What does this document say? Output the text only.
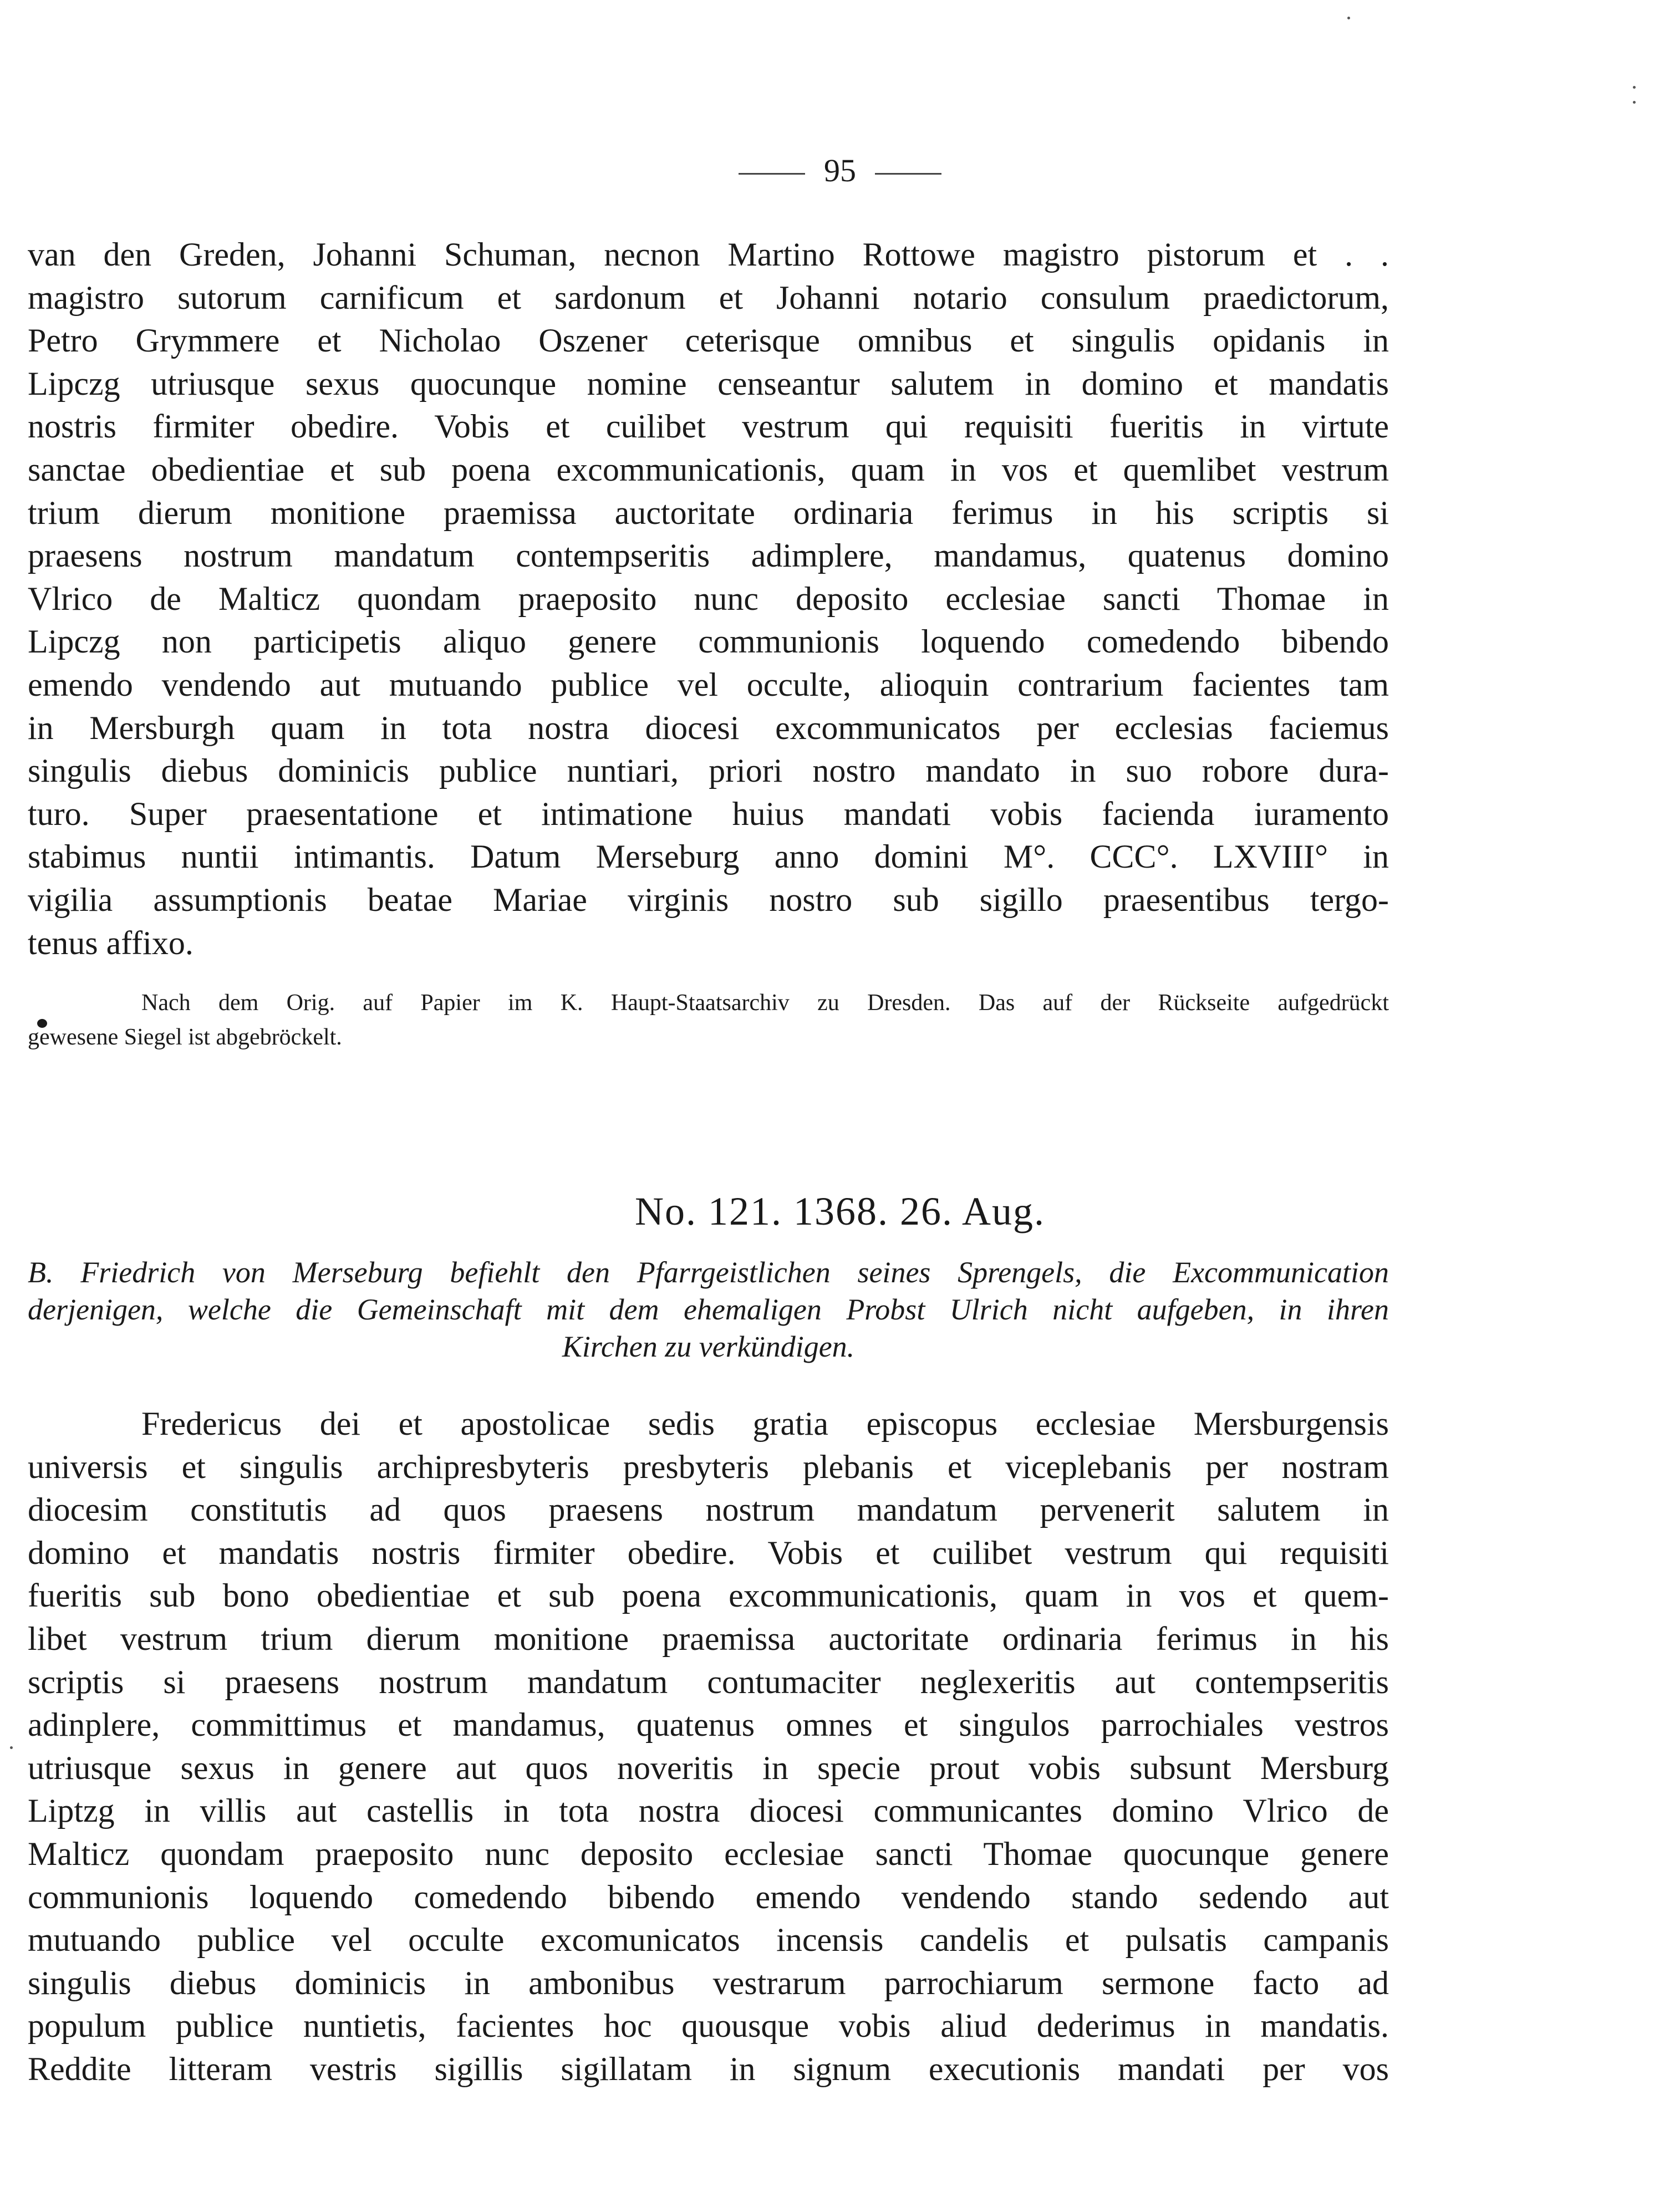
95
van den Greden, Johanni Schuman, necnon Martino Rottowe magistro pistorum et . .
magistro sutorum carnificum et sardonum et Johanni notario consulum praedictorum,
Petro Grymmere et Nicholao Oszener ceterisque omnibus et singulis opidanis in
Lipczg utriusque sexus quocunque nomine censeantur salutem in domino et mandatis
nostris firmiter obedire. Vobis et cuilibet vestrum qui requisiti fueritis in virtute
sanctae obedientiae et sub poena excommunicationis, quam in vos et quemlibet vestrum
trium dierum monitione praemissa auctoritate ordinaria ferimus in his scriptis si
praesens nostrum mandatum contempseritis adimplere, mandamus, quatenus domino
Vlrico de Malticz quondam praeposito nunc deposito ecclesiae sancti Thomae in
Lipczg non participetis aliquo genere communionis loquendo comedendo bibendo
emendo vendendo aut mutuando publice vel occulte, alioquin contrarium facientes tam
in Mersburgh quam in tota nostra diocesi excommunicatos per ecclesias faciemus
singulis diebus dominicis publice nuntiari, priori nostro mandato in suo robore dura-
turo. Super praesentatione et intimatione huius mandati vobis facienda iuramento
stabimus nuntii intimantis. Datum Merseburg anno domini M°. CCC°. LXVIII° in
vigilia assumptionis beatae Mariae virginis nostro sub sigillo praesentibus tergo-
tenus affixo.
Nach dem Orig. auf Papier im K. Haupt-Staatsarchiv zu Dresden. Das auf der Rückseite aufgedrückt
gewesene Siegel ist abgebröckelt.
No. 121. 1368. 26. Aug.
B. Friedrich von Merseburg befiehlt den Pfarrgeistlichen seines Sprengels, die Excommunication
derjenigen, welche die Gemeinschaft mit dem ehemaligen Probst Ulrich nicht aufgeben, in ihren
Kirchen zu verkündigen.
Fredericus dei et apostolicae sedis gratia episcopus ecclesiae Mersburgensis
universis et singulis archipresbyteris presbyteris plebanis et viceplebanis per nostram
diocesim constitutis ad quos praesens nostrum mandatum pervenerit salutem in
domino et mandatis nostris firmiter obedire. Vobis et cuilibet vestrum qui requisiti
fueritis sub bono obedientiae et sub poena excommunicationis, quam in vos et quem-
libet vestrum trium dierum monitione praemissa auctoritate ordinaria ferimus in his
scriptis si praesens nostrum mandatum contumaciter neglexeritis aut contempseritis
adinplere, committimus et mandamus, quatenus omnes et singulos parrochiales vestros
utriusque sexus in genere aut quos noveritis in specie prout vobis subsunt Mersburg
Liptzg in villis aut castellis in tota nostra diocesi communicantes domino Vlrico de
Malticz quondam praeposito nunc deposito ecclesiae sancti Thomae quocunque genere
communionis loquendo comedendo bibendo emendo vendendo stando sedendo aut
mutuando publice vel occulte excomunicatos incensis candelis et pulsatis campanis
singulis diebus dominicis in ambonibus vestrarum parrochiarum sermone facto ad
populum publice nuntietis, facientes hoc quousque vobis aliud dederimus in mandatis.
Reddite litteram vestris sigillis sigillatam in signum executionis mandati per vos
